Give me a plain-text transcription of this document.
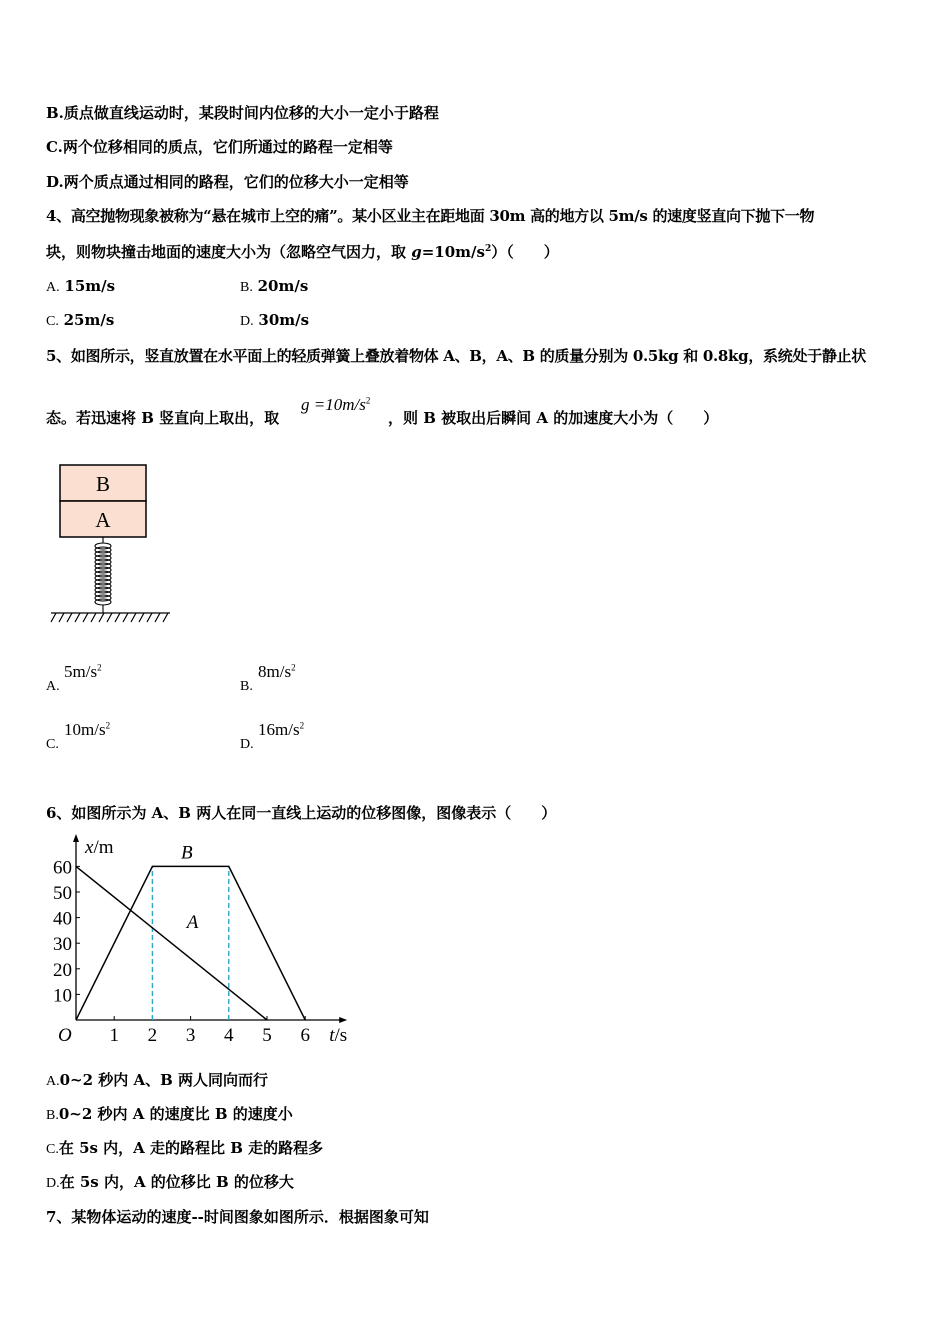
B.质点做直线运动时，某段时间内位移的大小一定小于路程
C.两个位移相同的质点，它们所通过的路程一定相等
D.两个质点通过相同的路程，它们的位移大小一定相等
4、高空抛物现象被称为“悬在城市上空的痛”。某小区业主在距地面 30m 高的地方以 5m/s 的速度竖直向下抛下一物
块，则物块撞击地面的速度大小为（忽略空气因力，取 $g=10m/s^2$）（　　）
A. 15m/s	B. 20m/s
C. 25m/s	D. 30m/s
5、如图所示，竖直放置在水平面上的轻质弹簧上叠放着物体 A、B，A、B 的质量分别为 0.5kg 和 0.8kg，系统处于静止状
态。若迅速将 B 竖直向上取出，取
$g =10m/s^2$
，则 B 被取出后瞬间 A 的加速度大小为（　　）
B
A
A.
$5m/s^2$
B.
$8m/s^2$
C.
$10m/s^2$
D.
$16m/s^2$
6、如图所示为 A、B 两人在同一直线上运动的位移图像，图像表示（　　）
1 2 3 4 5 6
10
20
30
40
50
60
O
x/m
t/s
A
B
A.0~2 秒内 A、B 两人同向而行
B.0~2 秒内 A 的速度比 B 的速度小
C.在 5s 内，A 走的路程比 B 走的路程多
D.在 5s 内，A 的位移比 B 的位移大
7、某物体运动的速度--时间图象如图所示．根据图象可知
